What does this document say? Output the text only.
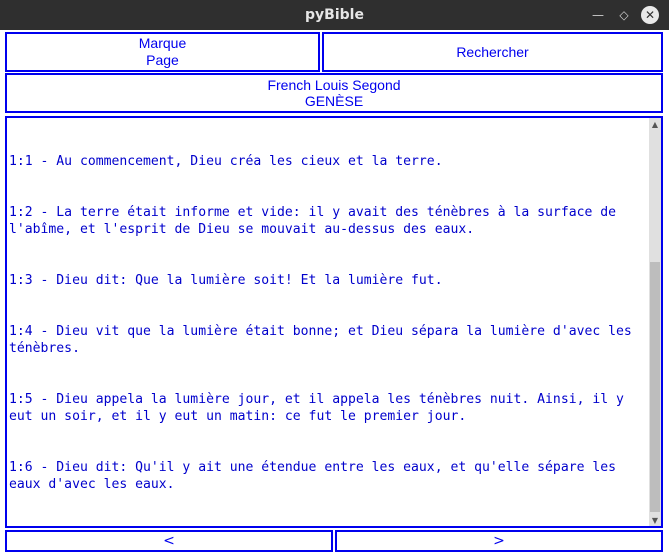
pyBible	—	◇	✕
Marque
Page
Rechercher
French Louis Segond
GENÈSE

1:1 - Au commencement, Dieu créa les cieux et la terre.

1:2 - La terre était informe et vide: il y avait des ténèbres à la surface de l'abîme, et l'esprit de Dieu se mouvait au-dessus des eaux.

1:3 - Dieu dit: Que la lumière soit! Et la lumière fut.

1:4 - Dieu vit que la lumière était bonne; et Dieu sépara la lumière d'avec les ténèbres.

1:5 - Dieu appela la lumière jour, et il appela les ténèbres nuit. Ainsi, il y eut un soir, et il y eut un matin: ce fut le premier jour.

1:6 - Dieu dit: Qu'il y ait une étendue entre les eaux, et qu'elle sépare les eaux d'avec les eaux.

▲
▼
<	>
